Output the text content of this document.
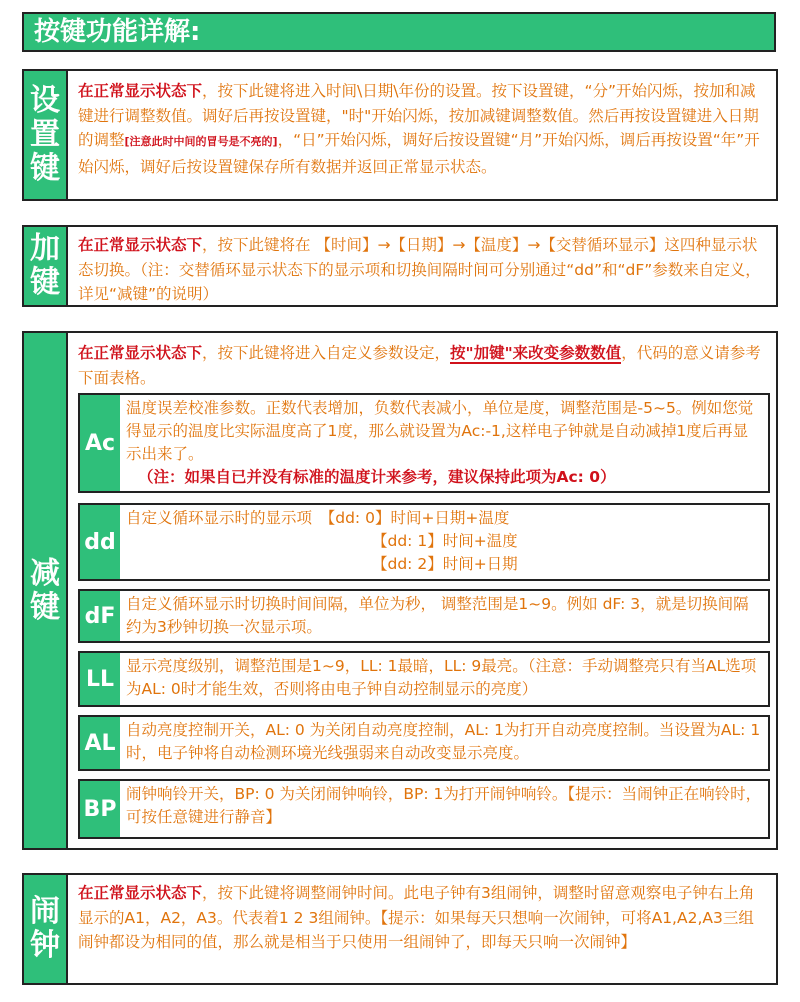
按键功能详解:
设置键
在正常显示状态下，按下此键将进入时间\日期\年份的设置。按下设置键，“分”开始闪烁，按加和减键进行调整数值。调好后再按设置键，"时"开始闪烁，按加减键调整数值。然后再按设置键进入日期的调整[注意此时中间的冒号是不亮的]，“日”开始闪烁，调好后按设置键“月”开始闪烁，调后再按设置“年”开始闪烁，调好后按设置键保存所有数据并返回正常显示状态。
加键
在正常显示状态下，按下此键将在 【时间】→【日期】→【温度】→【交替循环显示】这四种显示状态切换。（注：交替循环显示状态下的显示项和切换间隔时间可分别通过“dd”和“dF”参数来自定义，详见“减键”的说明）
减键
在正常显示状态下，按下此键将进入自定义参数设定，按"加键"来改变参数数值，代码的意义请参考下面表格。
Ac
温度误差校准参数。正数代表增加，负数代表减小，单位是度，调整范围是-5~5。例如您觉得显示的温度比实际温度高了1度，那么就设置为Ac:-1,这样电子钟就是自动减掉1度后再显示出来了。
（注：如果自已并没有标准的温度计来参考，建议保持此项为Ac: 0）
dd
自定义循环显示时的显示项　【dd: 0】时间+日期+温度
【dd: 1】时间+温度
【dd: 2】时间+日期
dF 自定义循环显示时切换时间间隔，单位为秒， 调整范围是1~9。例如 dF: 3，就是切换间隔约为3秒钟切换一次显示项。
LL
显示亮度级别，调整范围是1~9，LL: 1最暗，LL: 9最亮。（注意：手动调整亮只有当AL选项为AL: 0时才能生效，否则将由电子钟自动控制显示的亮度）
AL
自动亮度控制开关，AL: 0 为关闭自动亮度控制，AL: 1为打开自动亮度控制。当设置为AL: 1时，电子钟将自动检测环境光线强弱来自动改变显示亮度。
BP
闹钟响铃开关，BP: 0 为关闭闹钟响铃，BP: 1为打开闹钟响铃。【提示：当闹钟正在响铃时，可按任意键进行静音】
闹钟
在正常显示状态下，按下此键将调整闹钟时间。此电子钟有3组闹钟，调整时留意观察电子钟右上角显示的A1，A2，A3。代表着1 2 3组闹钟。【提示：如果每天只想响一次闹钟，可将A1,A2,A3三组闹钟都设为相同的值，那么就是相当于只使用一组闹钟了，即每天只响一次闹钟】
